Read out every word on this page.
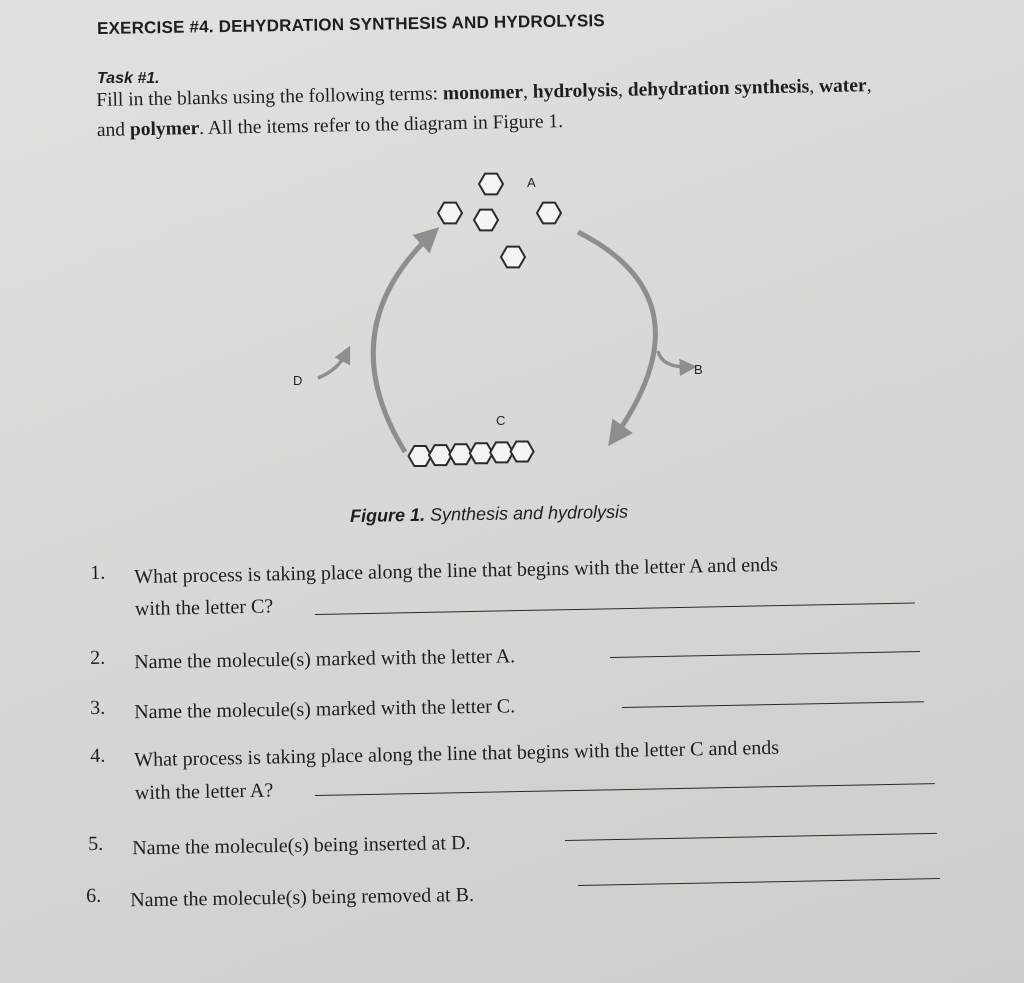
EXERCISE #4. DEHYDRATION SYNTHESIS AND HYDROLYSIS
Task #1.
Fill in the blanks using the following terms: monomer, hydrolysis, dehydration synthesis, water, and polymer. All the items refer to the diagram in Figure 1.
A
B
C
D
Figure 1. Synthesis and hydrolysis
1. What process is taking place along the line that begins with the letter A and ends
with the letter C?
2. Name the molecule(s) marked with the letter A.
3. Name the molecule(s) marked with the letter C.
4. What process is taking place along the line that begins with the letter C and ends
with the letter A?
5. Name the molecule(s) being inserted at D.
6. Name the molecule(s) being removed at B.
